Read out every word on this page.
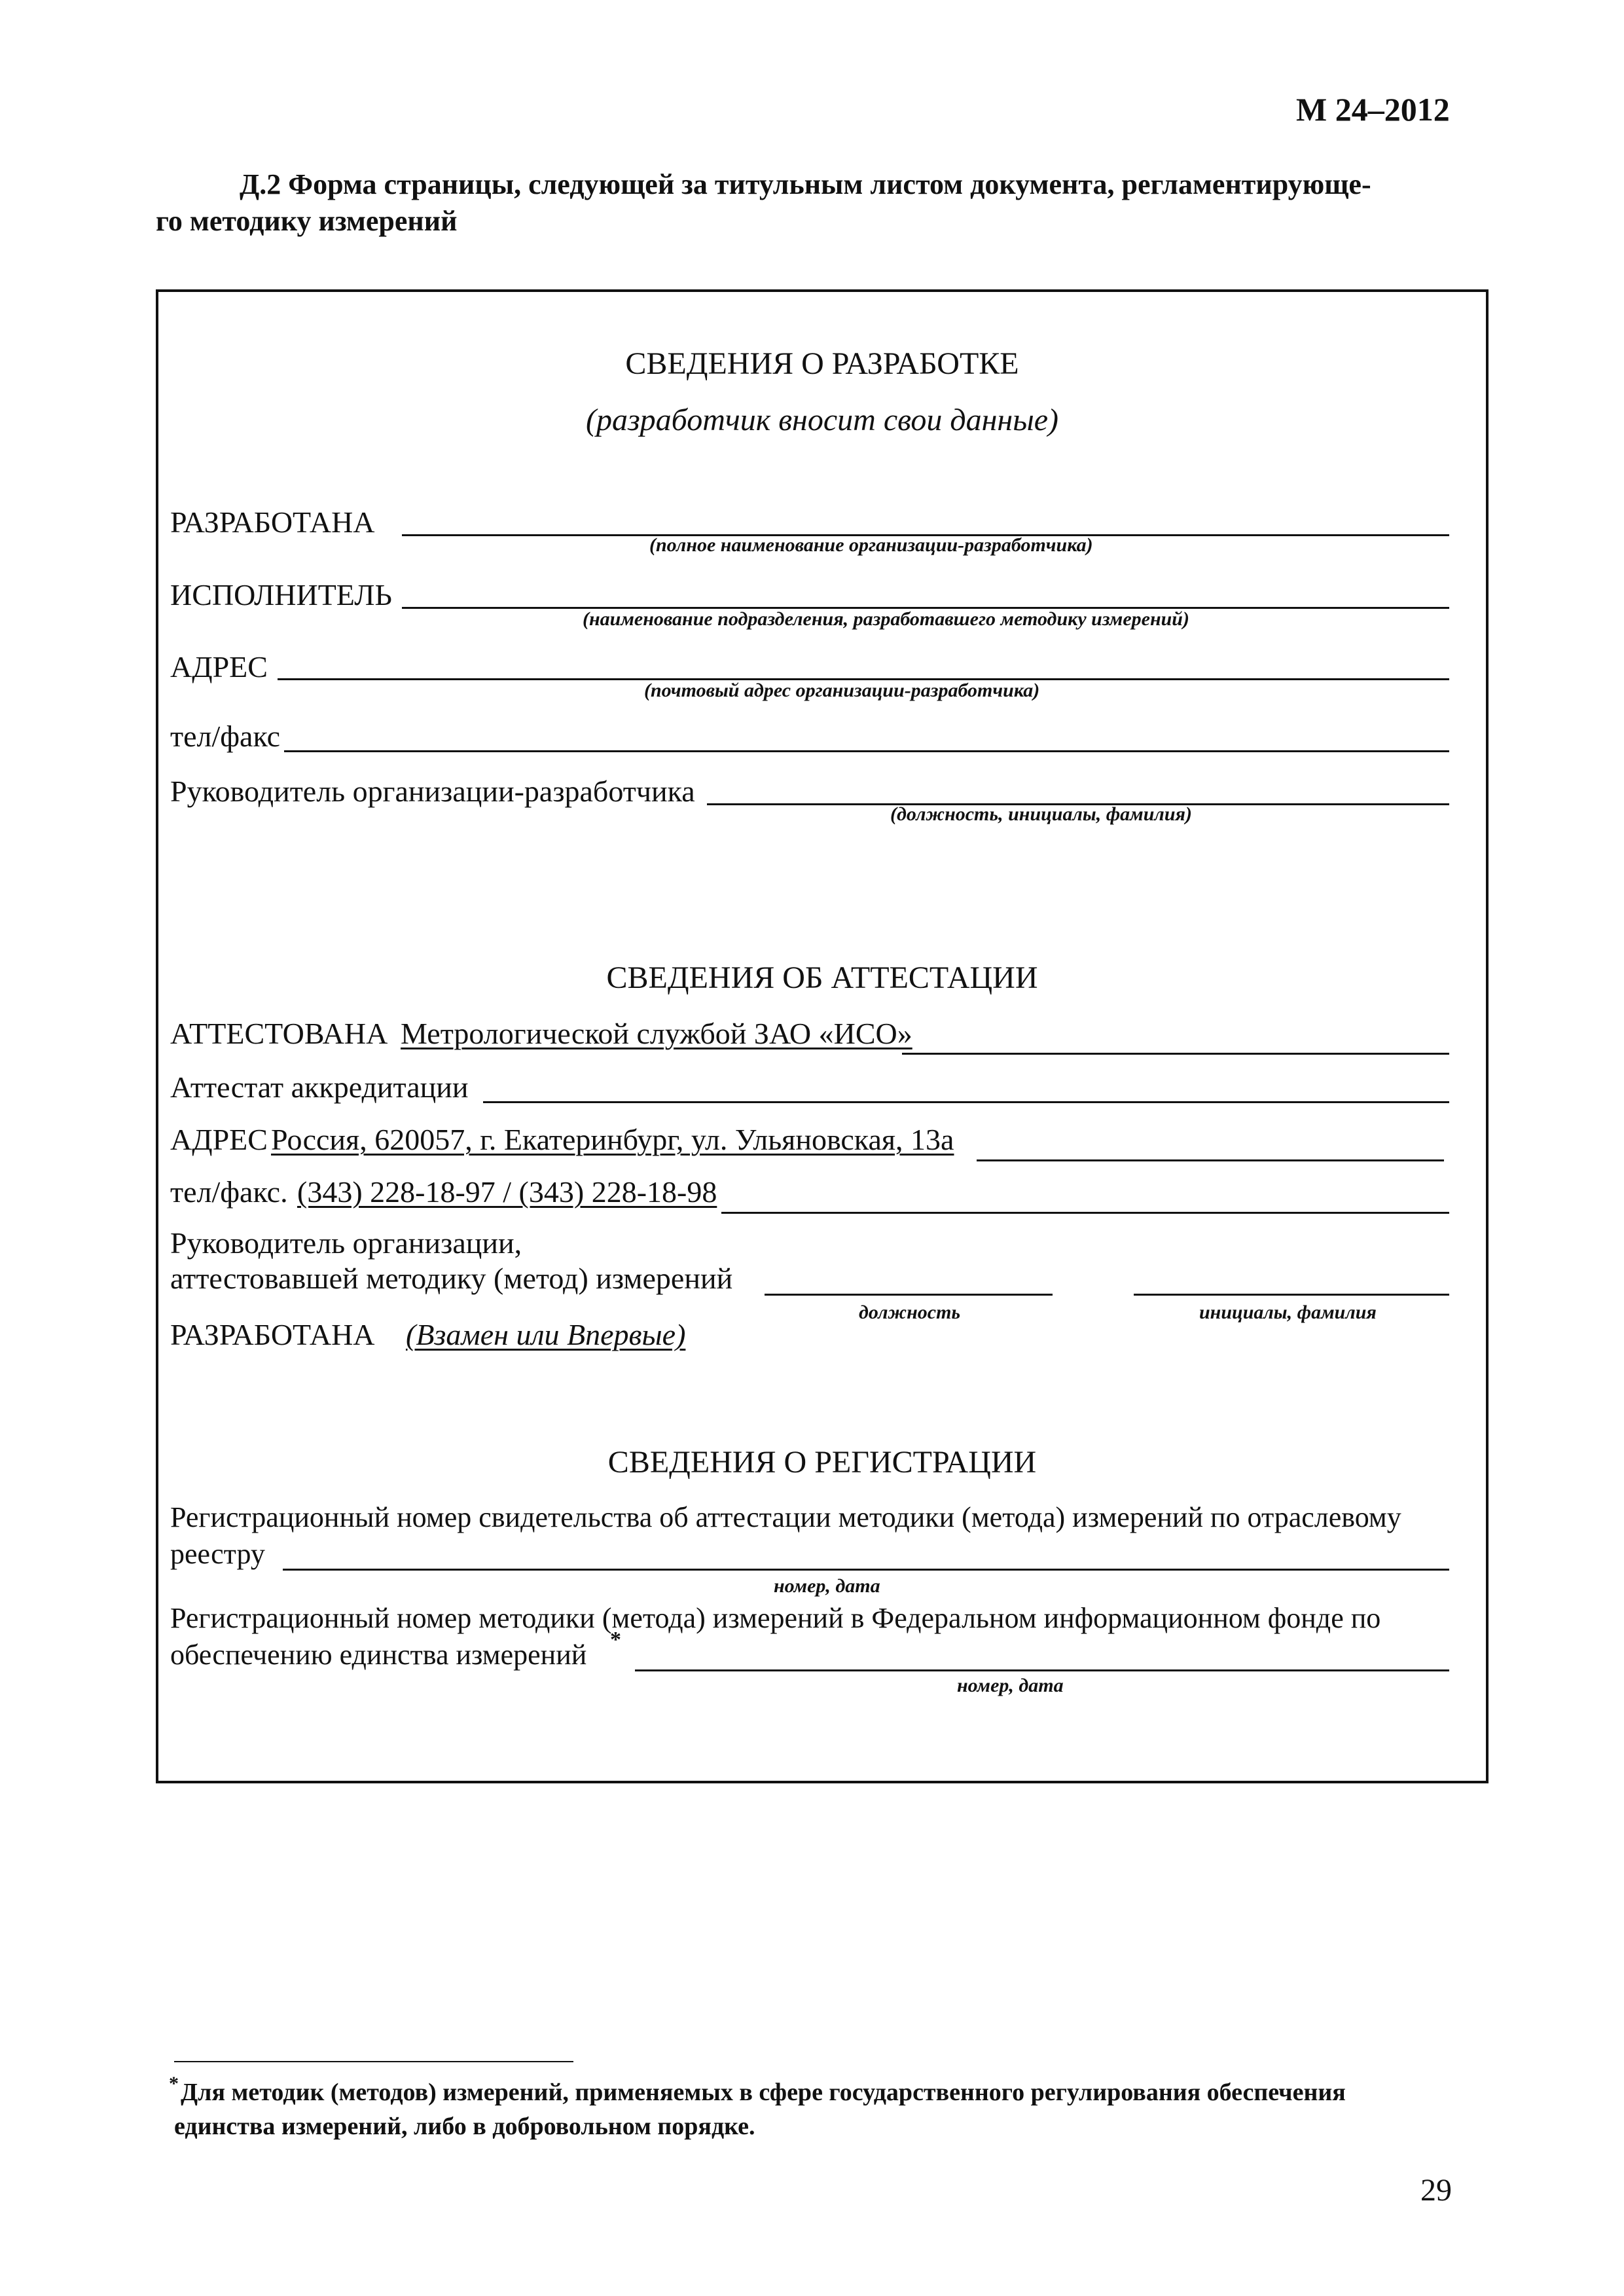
М 24–2012
Д.2 Форма страницы, следующей за титульным листом документа, регламентирующе-
го методику измерений
СВЕДЕНИЯ О РАЗРАБОТКЕ
(разработчик вносит свои данные)
РАЗРАБОТАНА
(полное наименование организации-разработчика)
ИСПОЛНИТЕЛЬ
(наименование подразделения, разработавшего методику измерений)
АДРЕС
(почтовый адрес организации-разработчика)
тел/факс
Руководитель организации-разработчика
(должность, инициалы, фамилия)
СВЕДЕНИЯ ОБ АТТЕСТАЦИИ
АТТЕСТОВАНА Метрологической службой ЗАО «ИСО»
Аттестат аккредитации
АДРЕС Россия, 620057, г. Екатеринбург, ул. Ульяновская, 13а
тел/факс. (343) 228-18-97 / (343) 228-18-98
Руководитель организации,
аттестовавшей методику (метод) измерений
должность	инициалы, фамилия
РАЗРАБОТАНА (Взамен или Впервые)
СВЕДЕНИЯ О РЕГИСТРАЦИИ
Регистрационный номер свидетельства об аттестации методики (метода) измерений по отраслевому
реестру
номер, дата
Регистрационный номер методики (метода) измерений в Федеральном информационном фонде по
обеспечению единства измерений *
номер, дата
* Для методик (методов) измерений, применяемых в сфере государственного регулирования обеспечения
единства измерений, либо в добровольном порядке.
29
